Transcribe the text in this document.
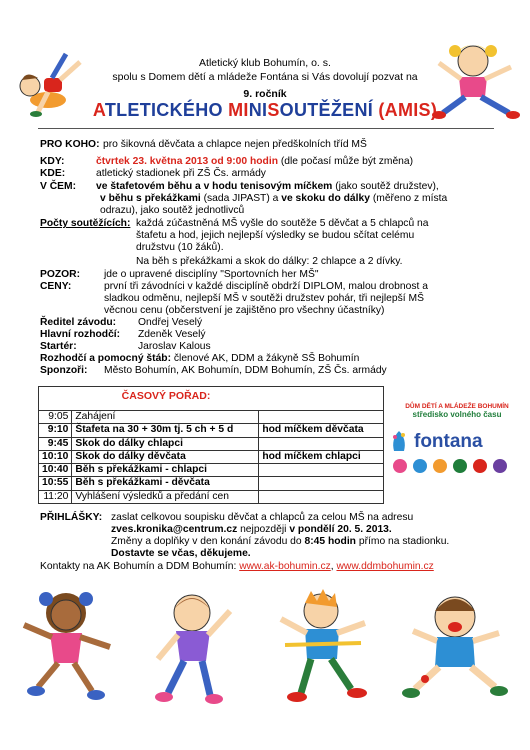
Atletický klub Bohumín, o. s.
spolu s Domem dětí a mládeže Fontána si Vás dovolují pozvat na
9. ročník
ATLETICKÉHO MINISOUTĚŽENÍ (AMIS)
PRO KOHO: pro šikovná děvčata a chlapce nejen předškolních tříd MŠ
KDY:	čtvrtek 23. května 2013 od 9:00 hodin (dle počasí může být změna)
KDE:	atletický stadionek při ZŠ Čs. armády
V ČEM: ve štafetovém běhu a v hodu tenisovým míčkem (jako soutěž družstev),
v běhu s překážkami (sada JIPAST) a ve skoku do dálky (měřeno z místa
odrazu), jako soutěž jednotlivců
Počty soutěžících: každá zúčastněná MŠ vyšle do soutěže 5 děvčat a 5 chlapců na
štafetu a hod, jejich nejlepší výsledky se budou sčítat celému
družstvu (10 žáků).
Na běh s překážkami a skok do dálky: 2 chlapce a 2 dívky.
POZOR: jde o upravené disciplíny "Sportovních her MŠ"
CENY:	první tři závodníci v každé disciplíně obdrží DIPLOM, malou drobnost a
sladkou odměnu, nejlepší MŠ v soutěži družstev pohár, tři nejlepší MŠ
věcnou cenu (občerstvení je zajištěno pro všechny účastníky)
Ředitel závodu: Ondřej Veselý
Hlavní rozhodčí: Zdeněk Veselý
Startér:	Jaroslav Kalous
Rozhodčí a pomocný štáb: členové AK, DDM a žákyně SŠ Bohumín
Sponzoři: Město Bohumín, AK Bohumín, DDM Bohumín, ZŠ Čs. armády
ČASOVÝ POŘAD:
9:05	Zahájení	
9:10	Štafeta na 30 + 30m tj. 5 ch + 5 d	hod míčkem děvčata
9:45	Skok do dálky chlapci	
10:10	Skok do dálky děvčata	hod míčkem chlapci
10:40	Běh s překážkami - chlapci	
10:55	Běh s překážkami - děvčata	
11:20	Vyhlášení výsledků a předání cen	
DŮM DĚTÍ A MLÁDEŽE BOHUMÍN
středisko volného času
fontana
PŘIHLÁŠKY: zaslat celkovou soupisku děvčat a chlapců za celou MŠ na adresu
zves.kronika@centrum.cz nejpozději v pondělí 20. 5. 2013.
Změny a doplňky v den konání závodu do 8:45 hodin přímo na stadionku.
Dostavte se včas, děkujeme.
Kontakty na AK Bohumín a DDM Bohumín: www.ak-bohumin.cz, www.ddmbohumin.cz
